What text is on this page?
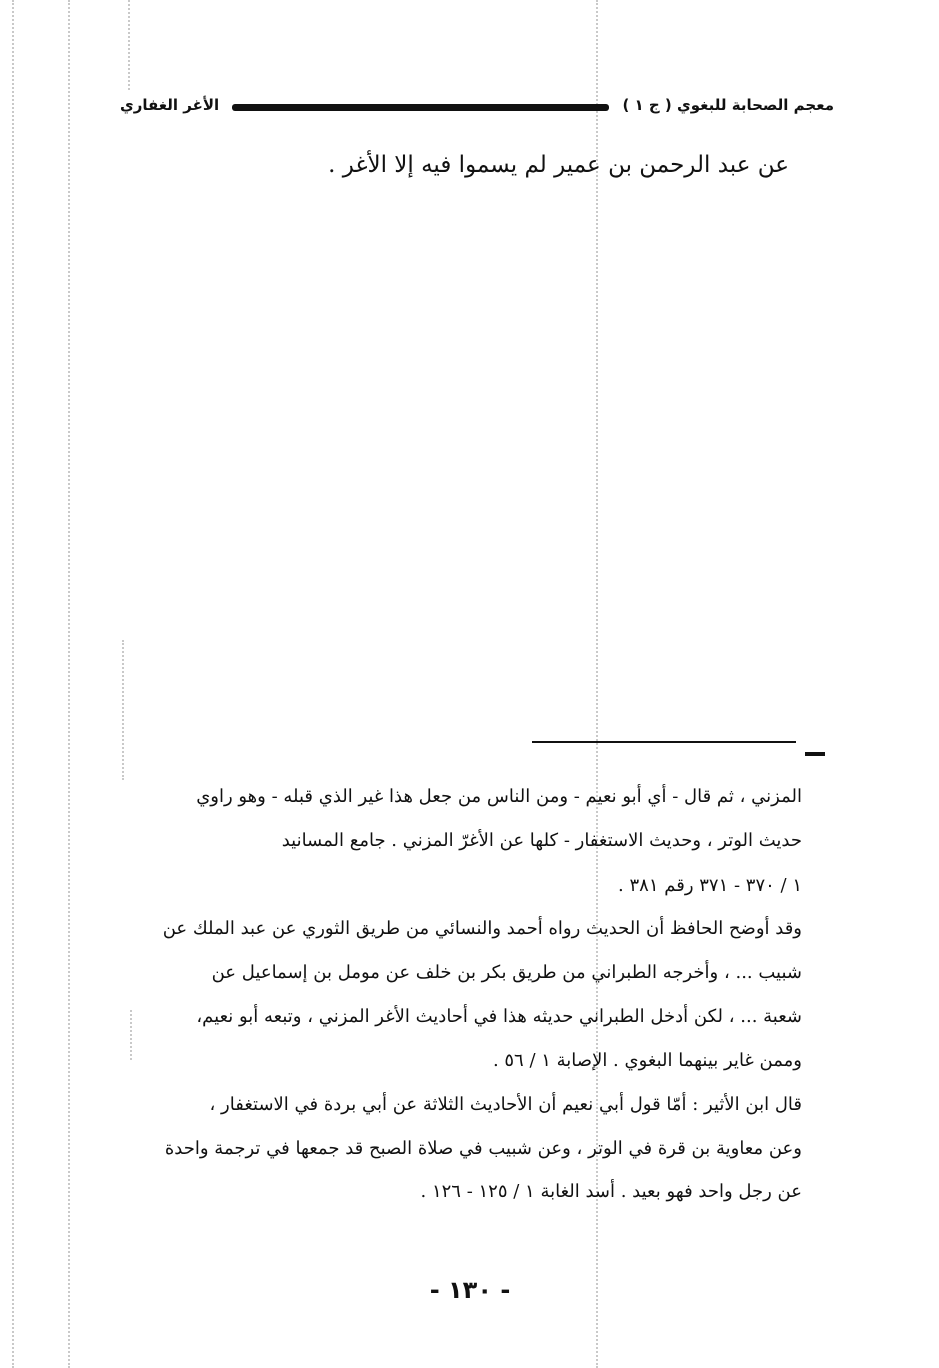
معجم الصحابة للبغوي ( ج ١ )
الأغر الغفاري
عن عبد الرحمن بن عمير لم يسموا فيه إلا الأغر .
المزني ، ثم قال - أي أبو نعيم - ومن الناس من جعل هذا غير الذي قبله - وهو راوي
حديث الوتر ، وحديث الاستغفار - كلها عن الأغرّ المزني . جامع المسانيد
١ / ٣٧٠ - ٣٧١ رقم ٣٨١ .
وقد أوضح الحافظ أن الحديث رواه أحمد والنسائي من طريق الثوري عن عبد الملك عن
شبيب ... ، وأخرجه الطبراني من طريق بكر بن خلف عن مومل بن إسماعيل عن
شعبة ... ، لكن أدخل الطبراني حديثه هذا في أحاديث الأغر المزني ، وتبعه أبو نعيم،
وممن غاير بينهما البغوي . الإصابة ١ / ٥٦ .
قال ابن الأثير : أمّا قول أبي نعيم أن الأحاديث الثلاثة عن أبي بردة في الاستغفار ،
وعن معاوية بن قرة في الوتر ، وعن شبيب في صلاة الصبح قد جمعها في ترجمة واحدة
عن رجل واحد فهو بعيد . أسد الغابة ١ / ١٢٥ - ١٢٦ .
- ١٣٠ -
